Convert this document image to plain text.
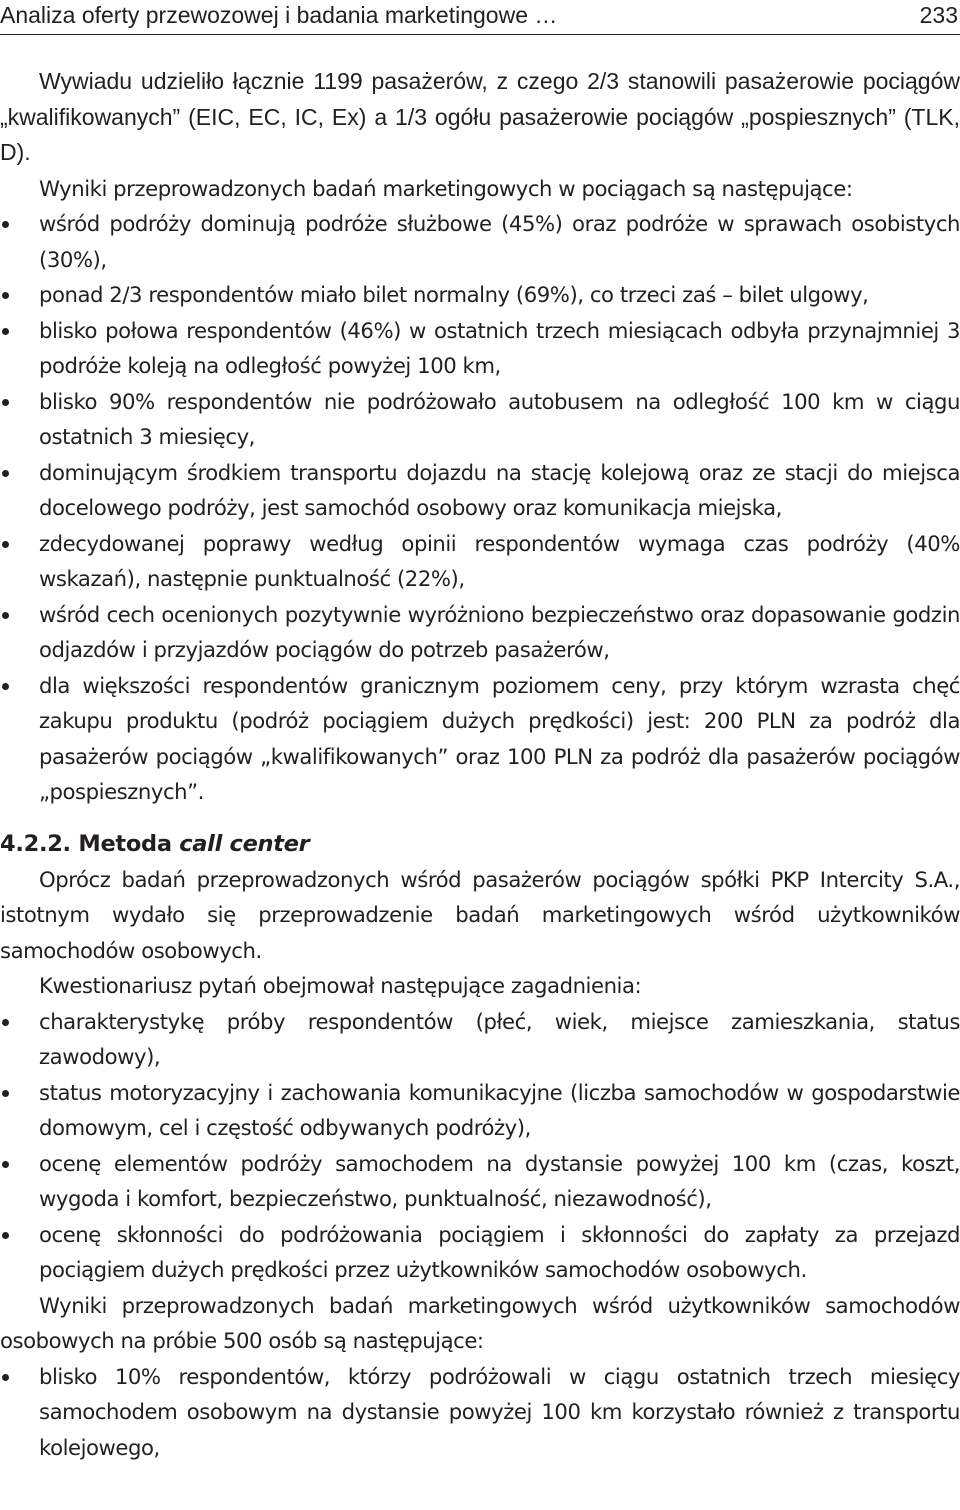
Analiza oferty przewozowej i badania marketingowe …	233

Wywiadu udzieliło łącznie 1199 pasażerów, z czego 2/3 stanowili pasażerowie pociągów „kwalifikowanych” (EIC, EC, IC, Ex) a 1/3 ogółu pasażerowie pociągów „pospiesznych” (TLK, D).

Wyniki przeprowadzonych badań marketingowych w pociągach są następujące:

wśród podróży dominują podróże służbowe (45%) oraz podróże w sprawach osobistych (30%),
ponad 2/3 respondentów miało bilet normalny (69%), co trzeci zaś – bilet ulgowy,
blisko połowa respondentów (46%) w ostatnich trzech miesiącach odbyła przynajmniej 3 podróże koleją na odległość powyżej 100 km,
blisko 90% respondentów nie podróżowało autobusem na odległość 100 km w ciągu ostatnich 3 miesięcy,
dominującym środkiem transportu dojazdu na stację kolejową oraz ze stacji do miejsca docelowego podróży, jest samochód osobowy oraz komunikacja miejska,
zdecydowanej poprawy według opinii respondentów wymaga czas podróży (40% wskazań), następnie punktualność (22%),
wśród cech ocenionych pozytywnie wyróżniono bezpieczeństwo oraz dopasowanie godzin odjazdów i przyjazdów pociągów do potrzeb pasażerów,
dla większości respondentów granicznym poziomem ceny, przy którym wzrasta chęć zakupu produktu (podróż pociągiem dużych prędkości) jest: 200 PLN za podróż dla pasażerów pociągów „kwalifikowanych” oraz 100 PLN za podróż dla pasażerów pociągów „pospiesznych”.
4.2.2. Metoda call center

Oprócz badań przeprowadzonych wśród pasażerów pociągów spółki PKP Intercity S.A., istotnym wydało się przeprowadzenie badań marketingowych wśród użytkowników samochodów osobowych.

Kwestionariusz pytań obejmował następujące zagadnienia:

charakterystykę próby respondentów (płeć, wiek, miejsce zamieszkania, status zawodowy),
status motoryzacyjny i zachowania komunikacyjne (liczba samochodów w gospodarstwie domowym, cel i częstość odbywanych podróży),
ocenę elementów podróży samochodem na dystansie powyżej 100 km (czas, koszt, wygoda i komfort, bezpieczeństwo, punktualność, niezawodność),
ocenę skłonności do podróżowania pociągiem i skłonności do zapłaty za przejazd pociągiem dużych prędkości przez użytkowników samochodów osobowych.

Wyniki przeprowadzonych badań marketingowych wśród użytkowników samochodów osobowych na próbie 500 osób są następujące:

blisko 10% respondentów, którzy podróżowali w ciągu ostatnich trzech miesięcy samochodem osobowym na dystansie powyżej 100 km korzystało również z transportu kolejowego,
